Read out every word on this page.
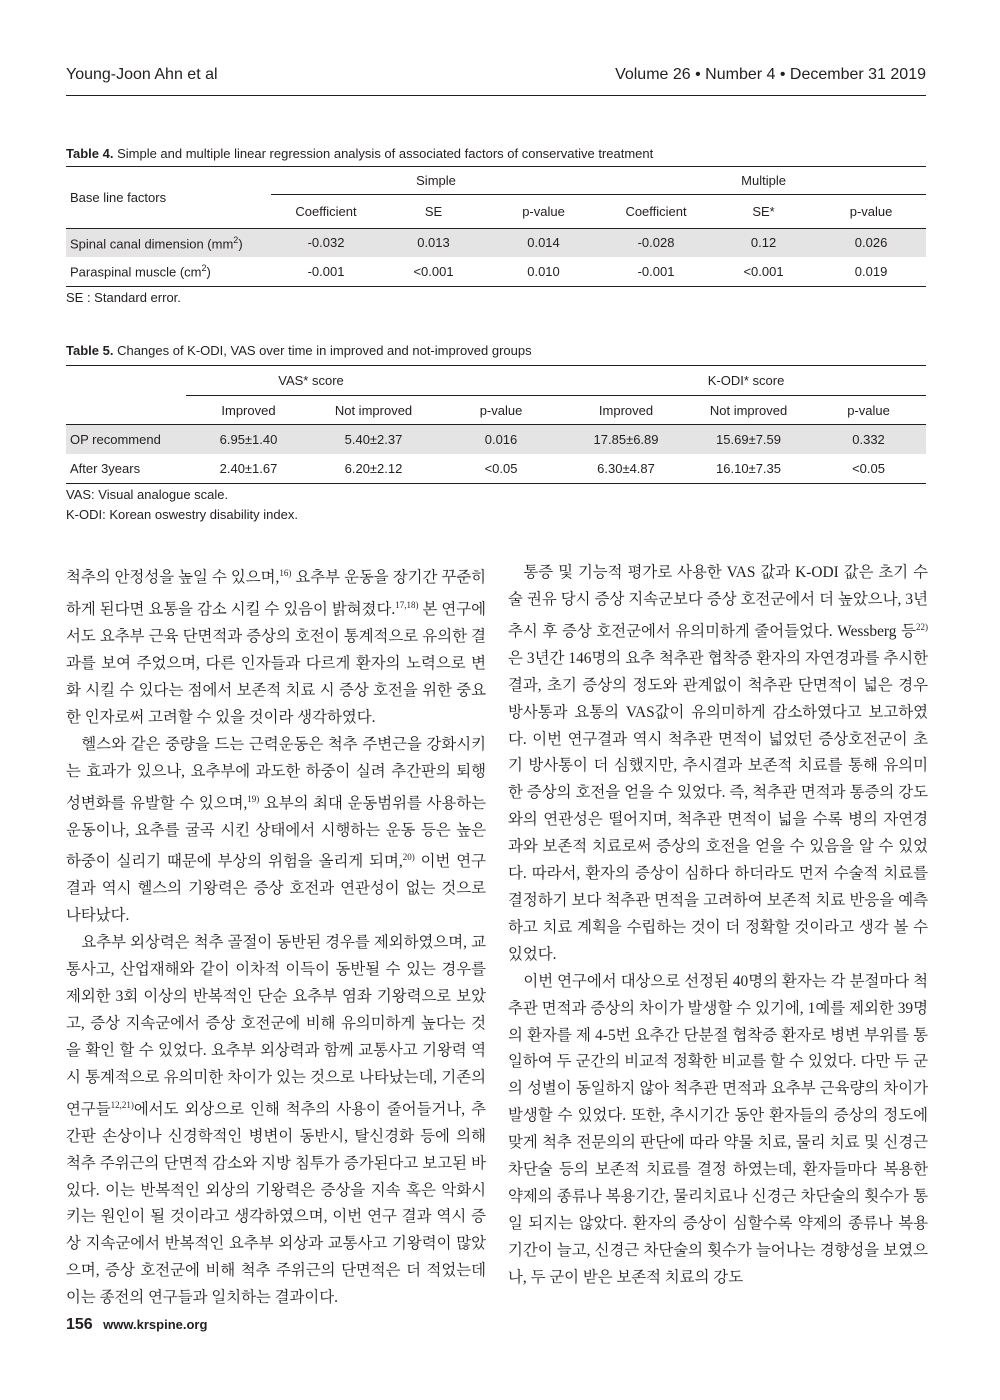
Young-Joon Ahn et al	Volume 26 • Number 4 • December 31 2019
Table 4. Simple and multiple linear regression analysis of associated factors of conservative treatment
Base line factors	Simple			Multiple		
	Coefficient	SE	p-value	Coefficient	SE*	p-value
Spinal canal dimension $(mm^2)$	-0.032	0.013	0.014	-0.028	0.12	0.026
Paraspinal muscle $(cm^2)$	-0.001	<0.001	0.010	-0.001	<0.001	0.019
SE : Standard error.
Table 5. Changes of K-ODI, VAS over time in improved and not-improved groups
	VAS* score			K-ODI* score		
	Improved	Not improved	p-value	Improved	Not improved	p-value
OP recommend	6.95±1.40	5.40±2.37	0.016	17.85±6.89	15.69±7.59	0.332
After 3years	2.40±1.67	6.20±2.12	<0.05	6.30±4.87	16.10±7.35	<0.05
VAS: Visual analogue scale.
K-ODI: Korean oswestry disability index.

척추의 안정성을 높일 수 있으며,$^{16)}$ 요추부 운동을 장기간 꾸준히 하게 된다면 요통을 감소 시킬 수 있음이 밝혀졌다.$^{17,18)}$ 본 연구에서도 요추부 근육 단면적과 증상의 호전이 통계적으로 유의한 결과를 보여 주었으며, 다른 인자들과 다르게 환자의 노력으로 변화 시킬 수 있다는 점에서 보존적 치료 시 증상 호전을 위한 중요한 인자로써 고려할 수 있을 것이라 생각하였다.

헬스와 같은 중량을 드는 근력운동은 척추 주변근을 강화시키는 효과가 있으나, 요추부에 과도한 하중이 실려 추간판의 퇴행성변화를 유발할 수 있으며,$^{19)}$ 요부의 최대 운동범위를 사용하는 운동이나, 요추를 굴곡 시킨 상태에서 시행하는 운동 등은 높은 하중이 실리기 때문에 부상의 위험을 올리게 되며,$^{20)}$ 이번 연구 결과 역시 헬스의 기왕력은 증상 호전과 연관성이 없는 것으로 나타났다.

요추부 외상력은 척추 골절이 동반된 경우를 제외하였으며, 교통사고, 산업재해와 같이 이차적 이득이 동반될 수 있는 경우를 제외한 3회 이상의 반복적인 단순 요추부 염좌 기왕력으로 보았고, 증상 지속군에서 증상 호전군에 비해 유의미하게 높다는 것을 확인 할 수 있었다. 요추부 외상력과 함께 교통사고 기왕력 역시 통계적으로 유의미한 차이가 있는 것으로 나타났는데, 기존의 연구들$^{12,21)}$에서도 외상으로 인해 척추의 사용이 줄어들거나, 추간판 손상이나 신경학적인 병변이 동반시, 탈신경화 등에 의해 척추 주위근의 단면적 감소와 지방 침투가 증가된다고 보고된 바 있다. 이는 반복적인 외상의 기왕력은 증상을 지속 혹은 악화시키는 원인이 될 것이라고 생각하였으며, 이번 연구 결과 역시 증상 지속군에서 반복적인 요추부 외상과 교통사고 기왕력이 많았으며, 증상 호전군에 비해 척추 주위근의 단면적은 더 적었는데 이는 종전의 연구들과 일치하는 결과이다.

통증 및 기능적 평가로 사용한 VAS 값과 K-ODI 값은 초기 수술 권유 당시 증상 지속군보다 증상 호전군에서 더 높았으나, 3년 추시 후 증상 호전군에서 유의미하게 줄어들었다. Wessberg 등$^{22)}$은 3년간 146명의 요추 척추관 협착증 환자의 자연경과를 추시한 결과, 초기 증상의 정도와 관계없이 척추관 단면적이 넓은 경우 방사통과 요통의 VAS값이 유의미하게 감소하였다고 보고하였다. 이번 연구결과 역시 척추관 면적이 넓었던 증상호전군이 초기 방사통이 더 심했지만, 추시결과 보존적 치료를 통해 유의미한 증상의 호전을 얻을 수 있었다. 즉, 척추관 면적과 통증의 강도와의 연관성은 떨어지며, 척추관 면적이 넓을 수록 병의 자연경과와 보존적 치료로써 증상의 호전을 얻을 수 있음을 알 수 있었다. 따라서, 환자의 증상이 심하다 하더라도 먼저 수술적 치료를 결정하기 보다 척추관 면적을 고려하여 보존적 치료 반응을 예측하고 치료 계획을 수립하는 것이 더 정확할 것이라고 생각 볼 수 있었다.

이번 연구에서 대상으로 선정된 40명의 환자는 각 분절마다 척추관 면적과 증상의 차이가 발생할 수 있기에, 1예를 제외한 39명의 환자를 제 4-5번 요추간 단분절 협착증 환자로 병변 부위를 통일하여 두 군간의 비교적 정확한 비교를 할 수 있었다. 다만 두 군의 성별이 동일하지 않아 척추관 면적과 요추부 근육량의 차이가 발생할 수 있었다. 또한, 추시기간 동안 환자들의 증상의 정도에 맞게 척추 전문의의 판단에 따라 약물 치료, 물리 치료 및 신경근 차단술 등의 보존적 치료를 결정 하였는데, 환자들마다 복용한 약제의 종류나 복용기간, 물리치료나 신경근 차단술의 횟수가 통일 되지는 않았다. 환자의 증상이 심할수록 약제의 종류나 복용기간이 늘고, 신경근 차단술의 횟수가 늘어나는 경향성을 보였으나, 두 군이 받은 보존적 치료의 강도

156 www.krspine.org
